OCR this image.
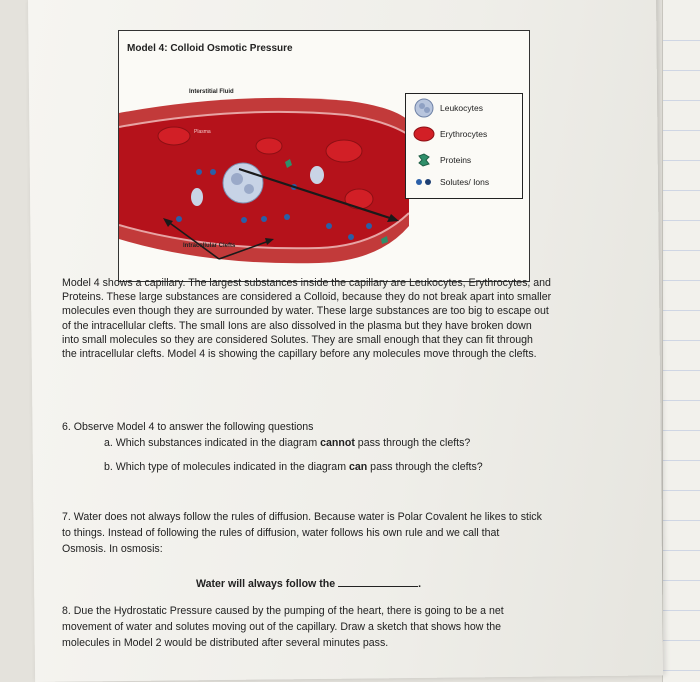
Model 4: Colloid Osmotic Pressure
Interstitial Fluid
Plasma
Intracellular Clefts
Leukocytes
Erythrocytes
Proteins
Solutes/ Ions
Model 4 shows a capillary. The largest substances inside the capillary are Leukocytes, Erythrocytes, and
Proteins. These large substances are considered a Colloid, because they do not break apart into smaller
molecules even though they are surrounded by water. These large substances are too big to escape out
of the intracellular clefts. The small Ions are also dissolved in the plasma but they have broken down
into small molecules so they are considered Solutes. They are small enough that they can fit through
the intracellular clefts. Model 4 is showing the capillary before any molecules move through the clefts.
6. Observe Model 4 to answer the following questions
a. Which substances indicated in the diagram cannot pass through the clefts?
b. Which type of molecules indicated in the diagram can pass through the clefts?
7. Water does not always follow the rules of diffusion. Because water is Polar Covalent he likes to stick
to things. Instead of following the rules of diffusion, water follows his own rule and we call that
Osmosis. In osmosis:
Water will always follow the	.
8. Due the Hydrostatic Pressure caused by the pumping of the heart, there is going to be a net
movement of water and solutes moving out of the capillary. Draw a sketch that shows how the
molecules in Model 2 would be distributed after several minutes pass.
